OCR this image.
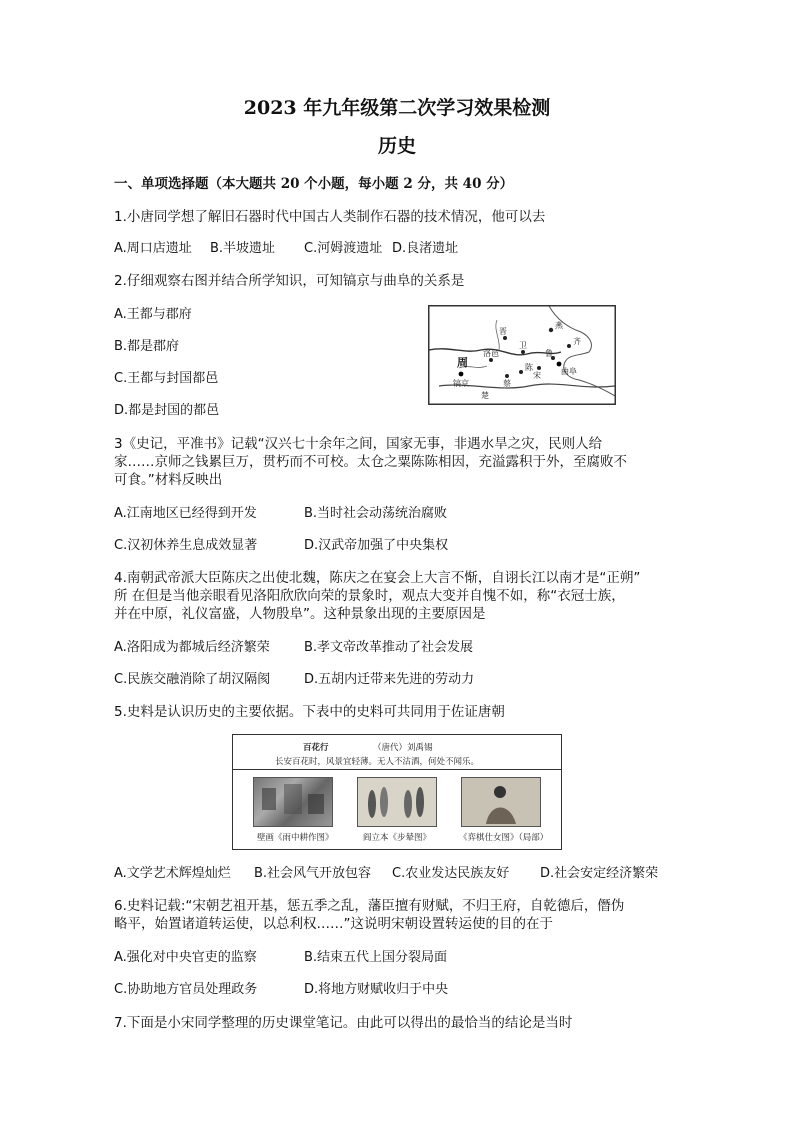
2023 年九年级第二次学习效果检测
历史
一、单项选择题（本大题共 20 个小题，每小题 2 分，共 40 分）
1.小唐同学想了解旧石器时代中国古人类制作石器的技术情况，他可以去
A.周口店遗址 B.半坡遗址 C.河姆渡遗址 D.良渚遗址
2.仔细观察右图并结合所学知识，可知镐京与曲阜的关系是
A.王都与郡府
B.都是郡府
C.王都与封国都邑
D.都是封国的都邑
燕
晋
齐
鲁
卫
宋
蔡
陈
周
镐京
洛邑
曲阜
楚
3《史记，平准书》记载“汉兴七十余年之间，国家无事，非遇水旱之灾，民则人给
家……京师之钱累巨万，贯朽而不可校。太仓之粟陈陈相因，充溢露积于外，至腐败不
可食。”材料反映出
A.江南地区已经得到开发	B.当时社会动荡统治腐败
C.汉初休养生息成效显著	D.汉武帝加强了中央集权
4.南朝武帝派大臣陈庆之出使北魏，陈庆之在宴会上大言不惭，自诩长江以南才是“正朔”
所 在但是当他亲眼看见洛阳欣欣向荣的景象时，观点大变并自愧不如，称“衣冠士族，
并在中原，礼仪富盛，人物殷阜”。这种景象出现的主要原因是
A.洛阳成为都城后经济繁荣	B.孝文帝改革推动了社会发展
C.民族交融消除了胡汉隔阂	D.五胡内迁带来先进的劳动力
5.史料是认识历史的主要依据。下表中的史料可共同用于佐证唐朝
百花行	（唐代）刘禹锡
长安百花时，风景宜轻薄。无人不沽酒，何处不闻乐。
壁画《雨中耕作图》	阎立本《步辇图》	《弈棋仕女图》（局部）
A.文学艺术辉煌灿烂 B.社会风气开放包容 C.农业发达民族友好 D.社会安定经济繁荣
6.史料记载:“宋朝艺祖开基，惩五季之乱，藩臣擅有财赋，不归王府，自乾德后，僭伪
略平，始置诸道转运使，以总利权……”这说明宋朝设置转运使的目的在于
A.强化对中央官吏的监察	B.结束五代上国分裂局面
C.协助地方官员处理政务	D.将地方财赋收归于中央
7.下面是小宋同学整理的历史课堂笔记。由此可以得出的最恰当的结论是当时
